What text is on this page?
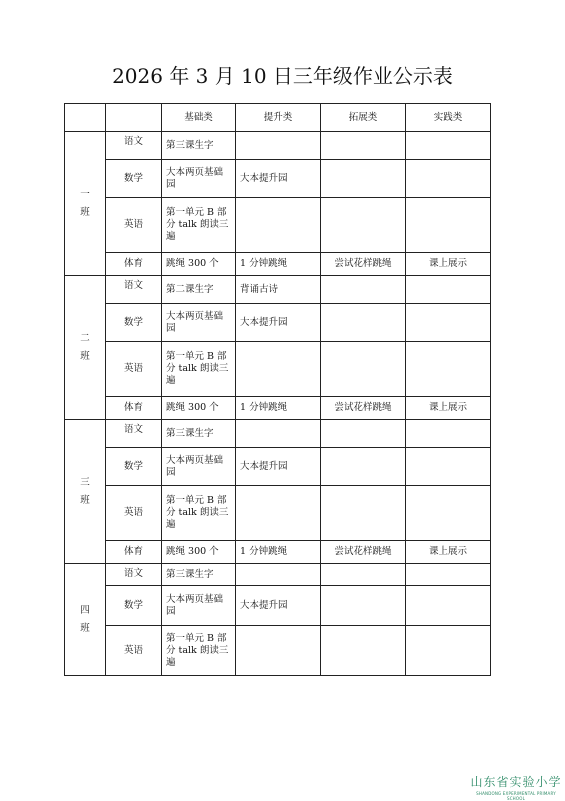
2026 年 3 月 10 日三年级作业公示表
		基础类	提升类	拓展类	实践类

一
班	语文	第三课生字			
	数学	大本两页基础园	大本提升园		
	英语	第一单元 B 部分 talk 朗读三遍			
	体育	跳绳 300 个	1 分钟跳绳	尝试花样跳绳	课上展示

二
班	语文	第二课生字	背诵古诗		
	数学	大本两页基础园	大本提升园		
	英语	第一单元 B 部分 talk 朗读三遍			
	体育	跳绳 300 个	1 分钟跳绳	尝试花样跳绳	课上展示

三
班	语文	第三课生字			
	数学	大本两页基础园	大本提升园		
	英语	第一单元 B 部分 talk 朗读三遍			
	体育	跳绳 300 个	1 分钟跳绳	尝试花样跳绳	课上展示

四
班	语文	第三课生字			
	数学	大本两页基础园	大本提升园		
	英语	第一单元 B 部分 talk 朗读三遍			
山东省实验小学
SHANDONG EXPERIMENTAL PRIMARY SCHOOL
